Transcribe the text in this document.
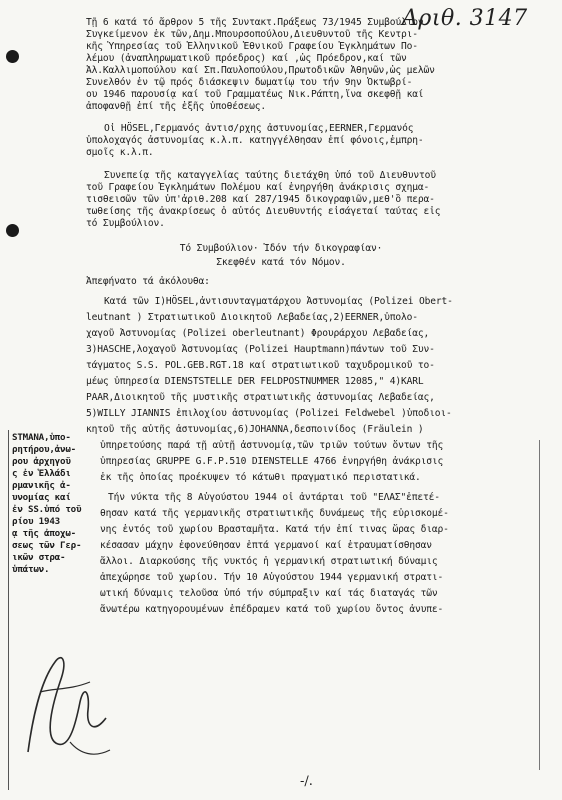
Αριθ. 3147
Τῇ 6 κατά τό ἄρθρον 5 τῆς Συντακτ.Πράξεως 73/1945 Συμβούλιον
Συγκείμενον ἐκ τῶν,Δημ.Μπουρσοπούλου,Διευθυντοῦ τῆς Κεντρι-
κῆς Ὑπηρεσίας τοῦ Ἑλληνικοῦ Ἐθνικοῦ Γραφείου Ἐγκλημάτων Πο-
λέμου (ἀναπληρωματικοῦ πρόεδρος) καί ,ὡς Πρόεδρον,καί τῶν
Ἀλ.Καλλιμοπούλου καί Σπ.Παυλοπούλου,Πρωτοδικῶν Ἀθηνῶν,ὡς μελῶν
Συνελθόν ἐν τῷ πρός διάσκεψιν δωματίῳ του τήν 9ην Ὀκτωβρί-
ου 1946 παρουσίᾳ καί τοῦ Γραμματέως Νικ.Ράπτη,ἵνα σκεφθῇ καί
ἀποφανθῇ ἐπί τῆς ἑξῆς ὑποθέσεως.
Οἱ HÖSEL,Γερμανός ἀντισ/ρχης ἀστυνομίας,EERNER,Γερμανός
ὑπολοχαγός ἀστυνομίας κ.λ.π. κατηγγέλθησαν ἐπί φόνοις,ἐμπρη-
σμοῖς κ.λ.π.
Συνεπείᾳ τῆς καταγγελίας ταύτης διετάχθη ὑπό τοῦ Διευθυντοῦ
τοῦ Γραφείου Ἐγκλημάτων Πολέμου καί ἐνηργήθη ἀνάκρισις σχημα-
τισθεισῶν τῶν ὑπ'ἀριθ.208 καί 287/1945 δικογραφιῶν,μεθ'ὃ περα-
τωθείσης τῆς ἀνακρίσεως ὁ αὐτός Διευθυντής εἰσάγεταί ταύτας εἰς
τό Συμβούλιον.
Τό Συμβούλιον· Ἰδόν τήν δικογραφίαν·
Σκεφθέν κατά τόν Νόμον.
Ἀπεφήνατο τά ἀκόλουθα:
Κατά τῶν Ι)HÖSEL,ἀντισυνταγματάρχου Ἀστυνομίας (Polizei Obert-
leutnant ) Στρατιωτικοῦ Διοικητοῦ Λεβαδείας,2)EERNER,ὑπολο-
χαγοῦ Ἀστυνομίας (Polizei oberleutnant) Φρουράρχου Λεβαδείας,
3)HASCHE,λοχαγοῦ Ἀστυνομίας (Polizei Hauptmann)πάντων τοῦ Συν-
τάγματος S.S. POL.GEB.RGT.18 καί στρατιωτικοῦ ταχυδρομικοῦ το-
μέως ὑπηρεσία DIENSTSTELLE DER FELDPOSTNUMMER 12085," 4)KARL
PAAR,Διοικητοῦ τῆς μυστικῆς στρατιωτικῆς ἀστυνομίας Λεβαδείας,
5)WILLY JIANNIS ἐπιλοχίου ἀστυνομίας (Polizei Feldwebel )ὑποδιοι-
κητοῦ τῆς αὐτῆς ἀστυνομίας,6)JOHANNA,δεσποινίδος (Fräulein )
ὑπηρετούσης παρά τῇ αὐτῇ ἀστυνομίᾳ,τῶν τριῶν τούτων ὄντων τῆς
ὑπηρεσίας GRUPPE G.F.P.510 DIENSTELLE 4766 ἐνηργήθη ἀνάκρισις
ἐκ τῆς ὁποίας προέκυψεν τό κάτωθι πραγματικό περιστατικά.
Τήν νύκτα τῆς 8 Αὐγούστου 1944 οἱ ἀντάρται τοῦ "ΕΛΑΣ"ἐπετέ-
θησαν κατά τῆς γερμανικῆς στρατιωτικῆς δυνάμεως τῆς εὑρισκομέ-
νης ἐντός τοῦ χωρίου Βρασταμῆτα. Κατά τήν ἐπί τινας ὥρας διαρ-
κέσασαν μάχην ἐφονεύθησαν ἑπτά γερμανοί καί ἐτραυματίσθησαν
ἄλλοι. Διαρκούσης τῆς νυκτός ἡ γερμανική στρατιωτική δύναμις
ἀπεχώρησε τοῦ χωρίου. Τήν 10 Αὐγούστου 1944 γερμανική στρατι-
ωτική δύναμις τελοῦσα ὑπό τήν σύμπραξιν καί τάς διαταγάς τῶν
ἄνωτέρω κατηγορουμένων ἐπέδραμεν κατά τοῦ χωρίου ὄντος ἀνυπε-
STMANA,ὑπο-
ρητήρου,ἀνω-
ρου ἀρχηγοῦ
ς ἐν Ἑλλάδι
ρμανικῆς ἀ-
υνομίας καί
ἐν SS.ὑπό τοῦ
ρίου 1943
ᾳ τῆς ἀποχω-
σεως τῶν Γερ-
ικῶν στρα-
ὑπάτων.
-/.
